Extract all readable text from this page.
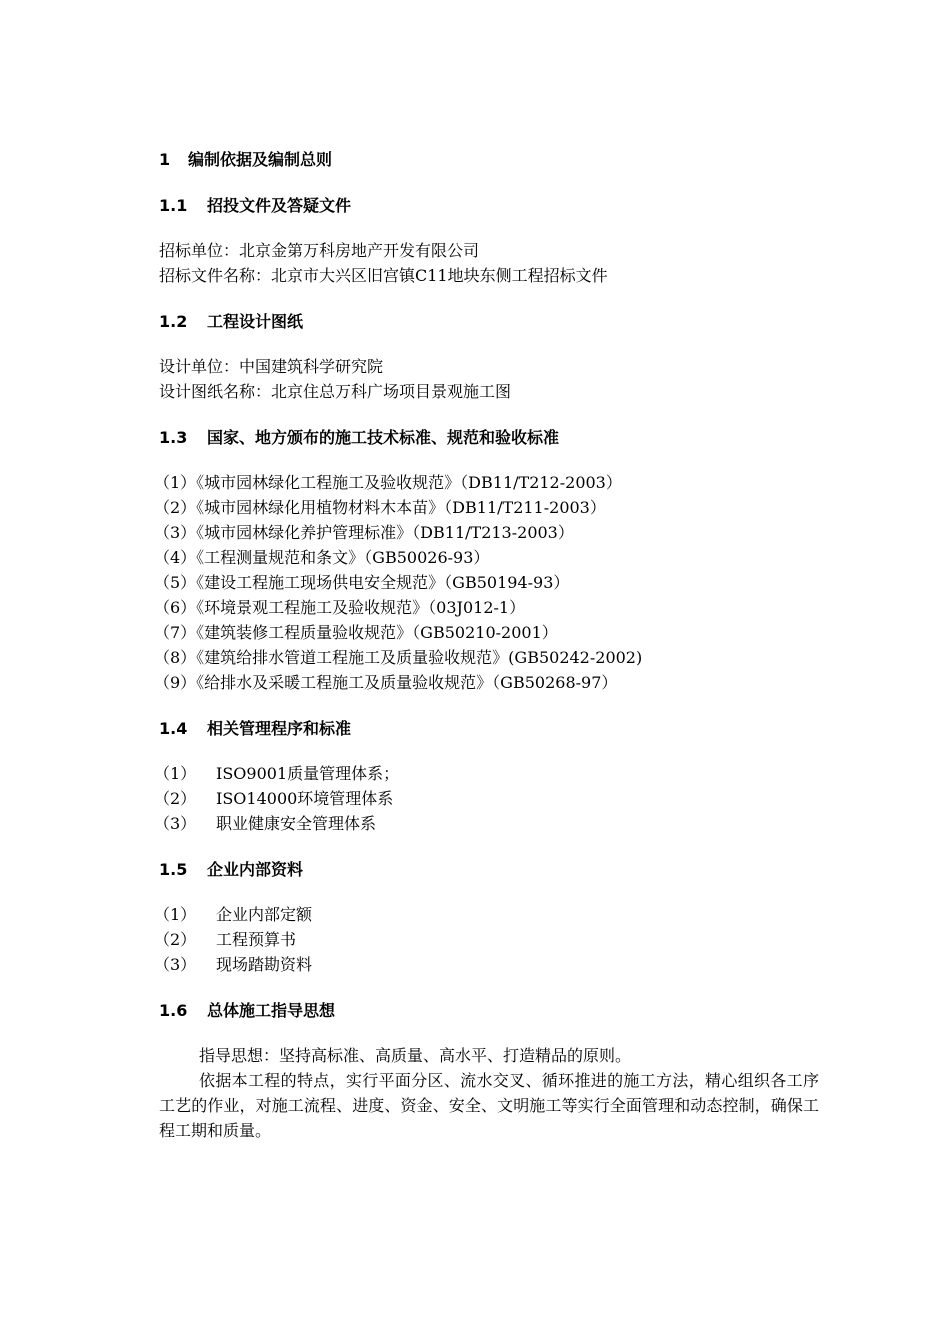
1 编制依据及编制总则
1.1 招投文件及答疑文件
招标单位：北京金第万科房地产开发有限公司
招标文件名称：北京市大兴区旧宫镇C11地块东侧工程招标文件
1.2 工程设计图纸
设计单位：中国建筑科学研究院
设计图纸名称：北京住总万科广场项目景观施工图
1.3 国家、地方颁布的施工技术标准、规范和验收标准
（1）《城市园林绿化工程施工及验收规范》（DB11/T212-2003）
（2）《城市园林绿化用植物材料木本苗》（DB11/T211-2003）
（3）《城市园林绿化养护管理标准》（DB11/T213-2003）
（4）《工程测量规范和条文》（GB50026-93）
（5）《建设工程施工现场供电安全规范》（GB50194-93）
（6）《环境景观工程施工及验收规范》（03J012-1）
（7）《建筑装修工程质量验收规范》（GB50210-2001）
（8）《建筑给排水管道工程施工及质量验收规范》(GB50242-2002)
（9）《给排水及采暖工程施工及质量验收规范》（GB50268-97）
1.4 相关管理程序和标准
（1） ISO9001质量管理体系；
（2） ISO14000环境管理体系
（3） 职业健康安全管理体系
1.5 企业内部资料
（1） 企业内部定额
（2） 工程预算书
（3） 现场踏勘资料
1.6 总体施工指导思想
指导思想：坚持高标准、高质量、高水平、打造精品的原则。
依据本工程的特点，实行平面分区、流水交叉、循环推进的施工方法，精心组织各工序工艺的作业，对施工流程、进度、资金、安全、文明施工等实行全面管理和动态控制，确保工程工期和质量。
